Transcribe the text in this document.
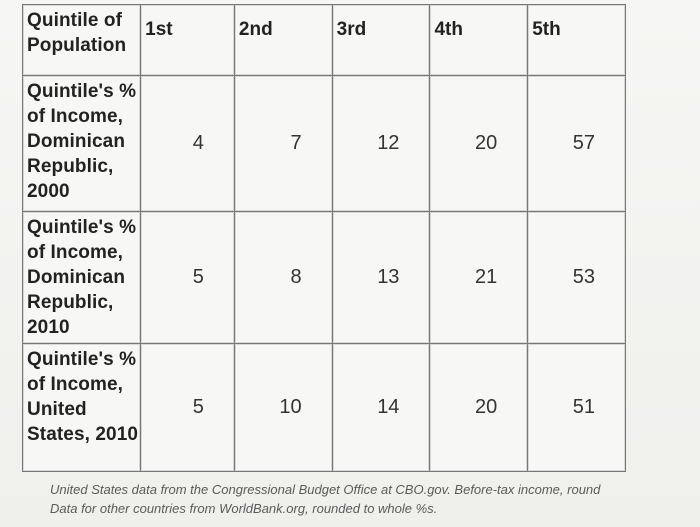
Quintile of Population	1st	2nd	3rd	4th	5th
Quintile's % of Income, Dominican Republic, 2000	4	7	12	20	57
Quintile's % of Income, Dominican Republic, 2010	5	8	13	21	53
Quintile's % of Income, United States, 2010	5	10	14	20	51
United States data from the Congressional Budget Office at CBO.gov. Before-tax income, round
Data for other countries from WorldBank.org, rounded to whole %s.
